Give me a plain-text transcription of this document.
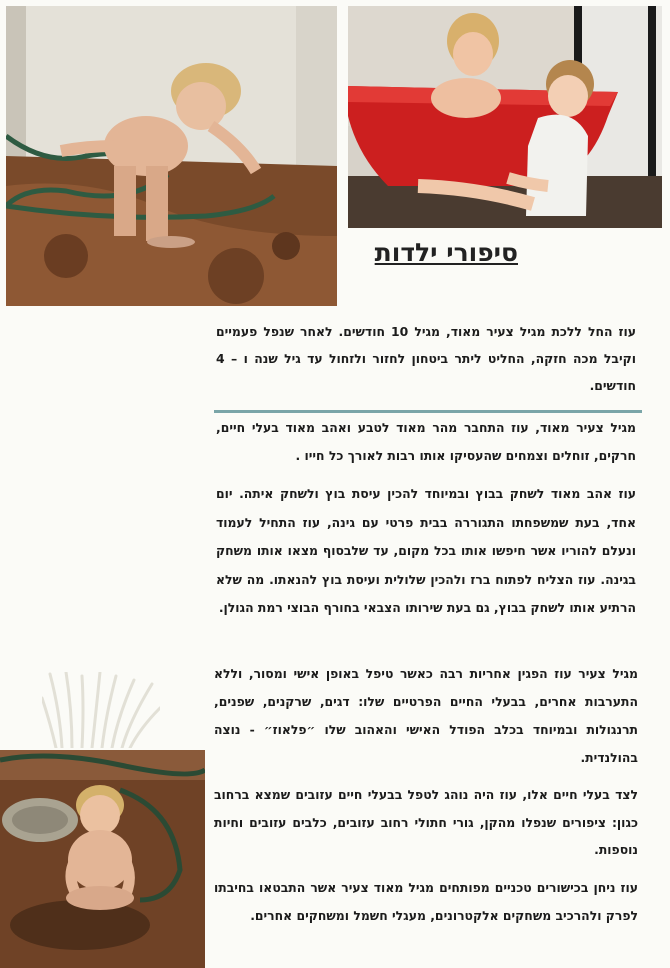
סיפורי ילדות

עוז החל ללכת מגיל צעיר מאוד, מגיל 10 חודשים. לאחר שנפל פעמיים וקיבל מכה חזקה, החליט ליתר ביטחון לחזור ולזחול עד גיל שנה ו – 4 חודשים.

מגיל צעיר מאוד, עוז התחבר מהר מאוד לטבע ואהב מאוד בעלי חיים, חרקים, זוחלים וצמחים שהעסיקו אותו רבות לאורך כל חייו .

עוז אהב מאוד לשחק בבוץ ובמיוחד להכין עיסת בוץ ולשחק איתה. יום אחד, בעת שמשפחתו התגוררה בבית פרטי עם גינה, עוז התחיל לעמוד ונעלם להוריו אשר חיפשו אותו בכל מקום, עד שלבסוף מצאו אותו משחק בגינה. עוז הצליח לפתוח ברז ולהכין שלולית ועיסת בוץ להנאתו. מה שלא הרתיע אותו לשחק בבוץ, גם בעת שירותו הצבאי בחורף הבוצי רמת הגולן.

מגיל צעיר עוז הפגין אחריות רבה כאשר טיפל באופן אישי ומסור, וללא התערבות אחרים, בבעלי החיים הפרטיים שלו: דגים, שרקנים, שפנים, תרנגולות ובמיוחד בכלב הפודל האישי והאהוב שלו ״פלאוז״ - נוצה בהולנדית.

לצד בעלי חיים אלו, עוז היה נוהג לטפל בבעלי חיים עזובים שמצא ברחוב כגון: ציפורים שנפלו מהקן, גורי חתולי רחוב עזובים, כלבים עזובים וחיות נוספות.

עוז ניחן בכישורים טכניים מפותחים מגיל מאוד צעיר אשר התבטאו בחיבתו לפרק ולהרכיב משחקים אלקטרונים, מעגלי חשמל ומשחקים אחרים.
